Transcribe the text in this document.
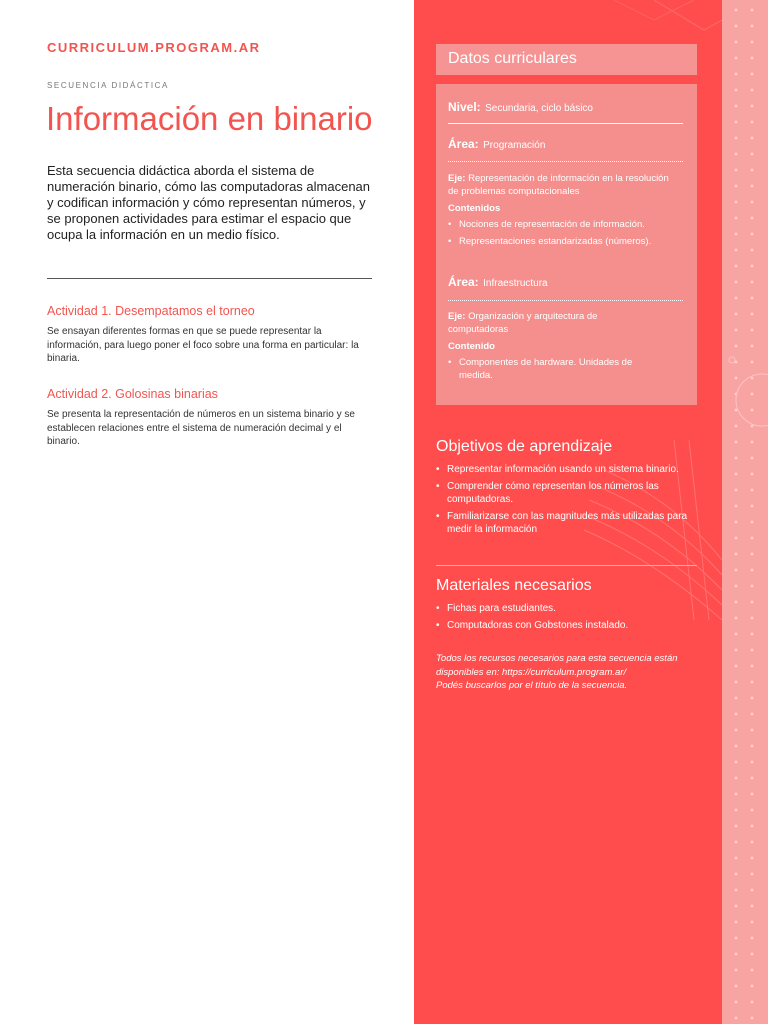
CURRICULUM.PROGRAM.AR
SECUENCIA DIDÁCTICA
Información en binario

Esta secuencia didáctica aborda el sistema de numeración binario, cómo las computadoras almacenan y codifican información y cómo representan números, y se proponen actividades para estimar el espacio que ocupa la información en un medio físico.

Actividad 1. Desempatamos el torneo

Se ensayan diferentes formas en que se puede representar la información, para luego poner el foco sobre una forma en particular: la binaria.

Actividad 2. Golosinas binarias

Se presenta la representación de números en un sistema binario y se establecen relaciones entre el sistema de numeración decimal y el binario.

Datos curriculares
Nivel: Secundaria, ciclo básico
Área: Programación
Eje: Representación de información en la resolución de problemas computacionales
Contenidos
• Nociones de representación de información.
• Representaciones estandarizadas (números).
Área: Infraestructura
Eje: Organización y arquitectura de computadoras
Contenido
• Componentes de hardware. Unidades de medida.
Objetivos de aprendizaje
• Representar información usando un sistema binario.
• Comprender cómo representan los números las computadoras.
• Familiarizarse con las magnitudes más utilizadas para medir la información
Materiales necesarios
• Fichas para estudiantes.
• Computadoras con Gobstones instalado.

Todos los recursos necesarios para esta secuencia están disponibles en: https://curriculum.program.ar/
Podés buscarlos por el título de la secuencia.
